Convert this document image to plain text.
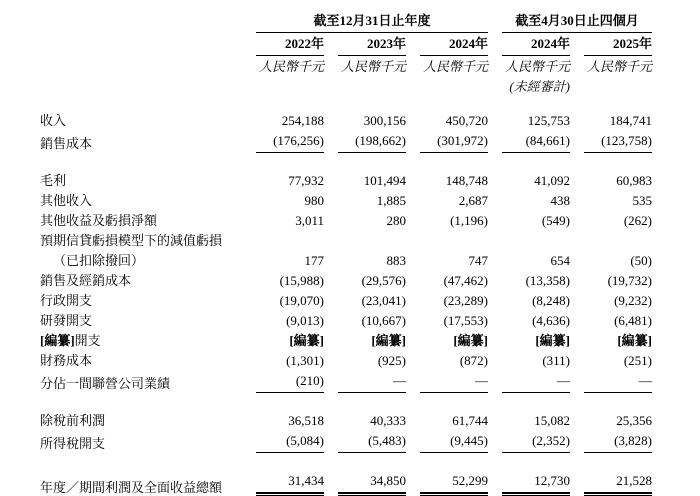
	截至12月31日止年度			截至4月30日止四個月	

	2022年	2023年	2024年	2024年	2025年

	人民幣千元	人民幣千元	人民幣千元	人民幣千元	人民幣千元

				(未經審計)	

收入	254,188	300,156	450,720	125,753	184,741

銷售成本	(176,256)	(198,662)	(301,972)	(84,661)	(123,758)

毛利	77,932	101,494	148,748	41,092	60,983

其他收入	980	1,885	2,687	438	535

其他收益及虧損淨額	3,011	280	(1,196)	(549)	(262)

預期信貸虧損模型下的減值虧損
（已扣除撥回）	177	883	747	654	(50)

銷售及經銷成本	(15,988)	(29,576)	(47,462)	(13,358)	(19,732)

行政開支	(19,070)	(23,041)	(23,289)	(8,248)	(9,232)

研發開支	(9,013)	(10,667)	(17,553)	(4,636)	(6,481)

[編纂]開支	[編纂]	[編纂]	[編纂]	[編纂]	[編纂]

財務成本	(1,301)	(925)	(872)	(311)	(251)

分佔一間聯營公司業績	(210)	—	—	—	—

除稅前利潤	36,518	40,333	61,744	15,082	25,356

所得稅開支	(5,084)	(5,483)	(9,445)	(2,352)	(3,828)

年度／期間利潤及全面收益總額	31,434	34,850	52,299	12,730	21,528
